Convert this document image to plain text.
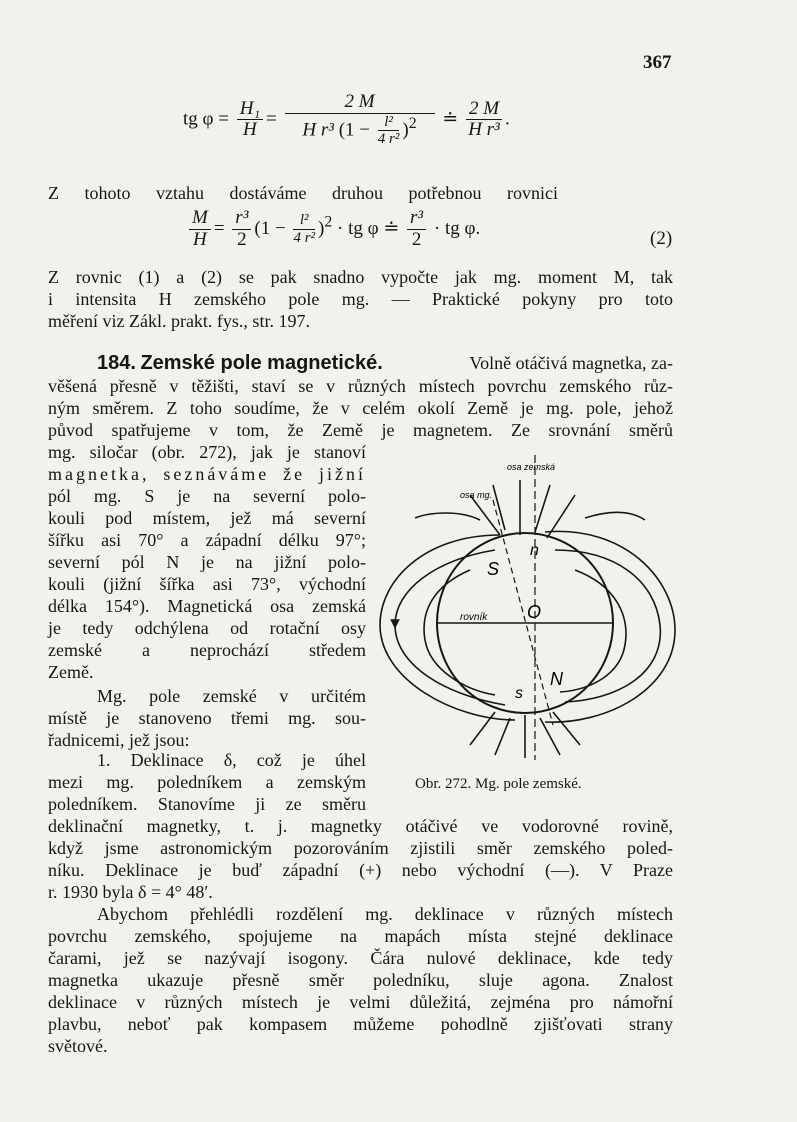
367
tg $\varphi = \frac{\text{H₁}}{H} = \frac{2 M}{H r^3 (1 - \frac{\text{l²}}{\text{4 r²}} )^2}$ ≐ $\frac{2 M}{\text{H r³}}$ .
Z tohoto vztahu dostáváme druhou potřebnou rovnici
$\frac{M}{H} = \frac{\text{r³}}{2} (1 - \frac{\text{l²}}{\text{4 r²}} )^2$ · tg φ ≐ $\frac{\text{r³}}{2}$ · tg φ.	(2)
Z rovnic (1) a (2) se pak snadno vypočte jak mg. moment M, tak
i intensita H zemského pole mg. — Praktické pokyny pro toto
měření viz Zákl. prakt. fys., str. 197.
184. Zemské pole magnetické.	Volně otáčivá magnetka, za-
věšená přesně v těžišti, staví se v různých místech povrchu zemského růz-
ným směrem. Z toho soudíme, že v celém okolí Země je mg. pole, jehož
původ spatřujeme v tom, že Země je magnetem. Ze srovnání směrů
mg. siločar (obr. 272), jak je stanoví
magnetka, seznáváme že jižní
pól mg. S je na severní polo-
kouli pod místem, jež má severní
šířku asi 70° a západní délku 97°;
severní pól N je na jižní polo-
kouli (jižní šířka asi 73°, východní
délka 154°). Magnetická osa zemská
je tedy odchýlena od rotační osy
zemské a neprochází středem
Země.
Mg. pole zemské v určitém
místě je stanoveno třemi mg. sou-
řadnicemi, jež jsou:
1. Deklinace δ, což je úhel
mezi mg. poledníkem a zemským
poledníkem. Stanovíme ji ze směru
deklinační magnetky, t. j. magnetky otáčivé ve vodorovné rovině,
když jsme astronomickým pozorováním zjistili směr zemského poled-
níku. Deklinace je buď západní (+) nebo východní (—). V Praze
r. 1930 byla δ = 4° 48′.
Abychom přehlédli rozdělení mg. deklinace v různých místech
povrchu zemského, spojujeme na mapách místa stejné deklinace
čarami, jež se nazývají isogony. Čára nulové deklinace, kde tedy
magnetka ukazuje přesně směr poledníku, sluje agona. Znalost
deklinace v různých místech je velmi důležitá, zejména pro námořní
plavbu, neboť pak kompasem můžeme pohodlně zjišťovati strany
světové.
osa zemská
osa mg.
rovník
S
n
O
N
s
Obr. 272. Mg. pole zemské.
